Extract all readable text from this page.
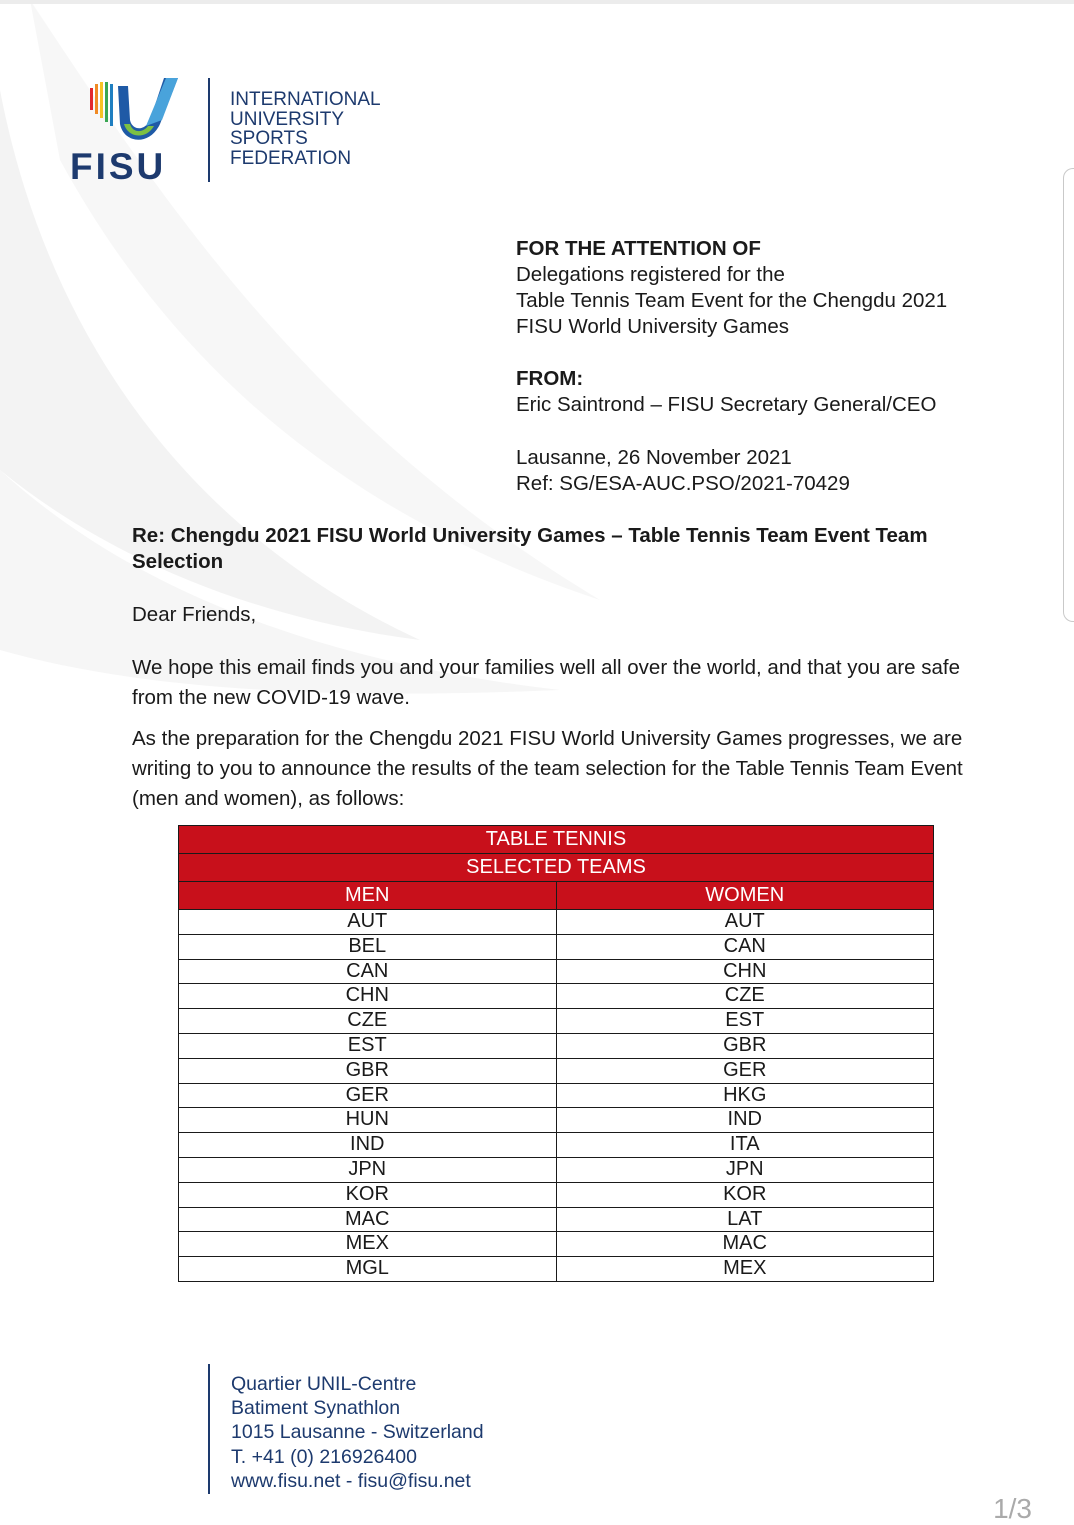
FISU
INTERNATIONAL
UNIVERSITY
SPORTS
FEDERATION
FOR THE ATTENTION OF
Delegations registered for the
Table Tennis Team Event for the Chengdu 2021
FISU World University Games
FROM:
Eric Saintrond – FISU Secretary General/CEO
Lausanne, 26 November 2021
Ref: SG/ESA-AUC.PSO/2021-70429
Re: Chengdu 2021 FISU World University Games – Table Tennis Team Event Team Selection
Dear Friends,
We hope this email finds you and your families well all over the world, and that you are safe from the new COVID-19 wave.
As the preparation for the Chengdu 2021 FISU World University Games progresses, we are writing to you to announce the results of the team selection for the Table Tennis Team Event (men and women), as follows:
TABLE TENNIS	
SELECTED TEAMS	
MEN	WOMEN
AUT	AUT
BEL	CAN
CAN	CHN
CHN	CZE
CZE	EST
EST	GBR
GBR	GER
GER	HKG
HUN	IND
IND	ITA
JPN	JPN
KOR	KOR
MAC	LAT
MEX	MAC
MGL	MEX
Quartier UNIL-Centre
Batiment Synathlon
1015 Lausanne - Switzerland
T. +41 (0) 216926400
www.fisu.net - fisu@fisu.net
1/3
